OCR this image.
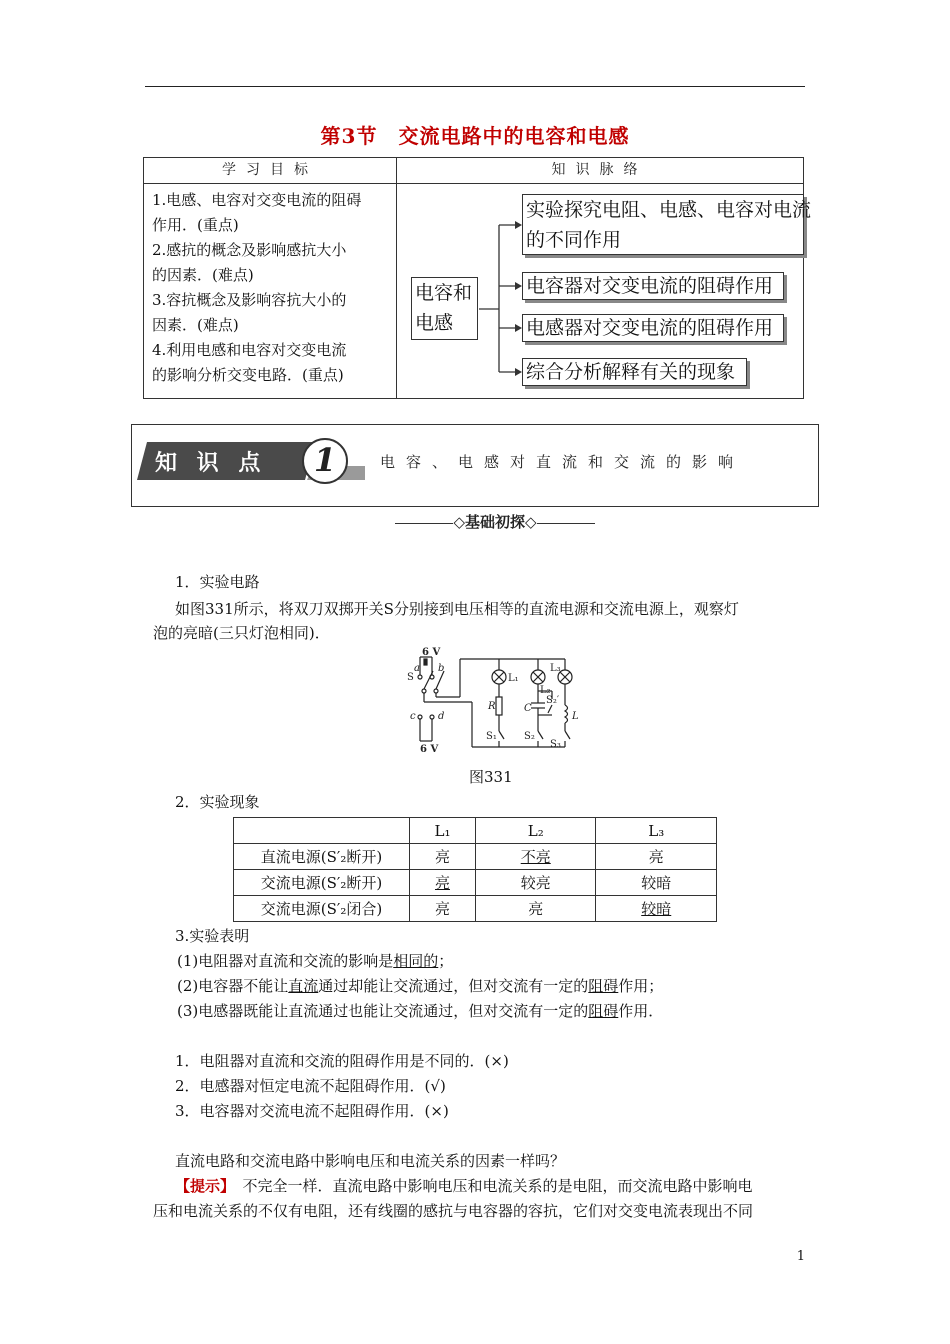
第3节　交流电路中的电容和电感
学习目标	知识脉络
1.电感、电容对交变电流的阻碍
作用．(重点)
2.感抗的概念及影响感抗大小
的因素．(难点)
3.容抗概念及影响容抗大小的
因素．(难点)
4.利用电感和电容对交变电流
的影响分析交变电路．(重点)
电容和
电感
实验探究电阻、电感、电容对电流
的不同作用
电容器对交变电流的阻碍作用
电感器对交变电流的阻碍作用
综合分析解释有关的现象
知 识 点 1	电容、电感对直流和交流的影响
◇基础初探◇
1．实验电路
如图331所示，将双刀双掷开关S分别接到电压相等的直流电源和交流电源上，观察灯
泡的亮暗(三只灯泡相同)．
6 V
S
a b
c d
6 V
R	C
L
L₁
L₂
L₃
S₂′
S₁	S₂
S₃
图331
2．实验现象
	L₁	L₂	L₃
直流电源(S′₂断开)	亮	不亮	亮
交流电源(S′₂断开)	亮	较亮	较暗
交流电源(S′₂闭合)	亮	亮	较暗
3.实验表明
(1)电阻器对直流和交流的影响是相同的；
(2)电容器不能让直流通过却能让交流通过，但对交流有一定的阻碍作用；
(3)电感器既能让直流通过也能让交流通过，但对交流有一定的阻碍作用．
1．电阻器对直流和交流的阻碍作用是不同的．(×)
2．电感器对恒定电流不起阻碍作用．(√)
3．电容器对交流电流不起阻碍作用．(×)
直流电路和交流电路中影响电压和电流关系的因素一样吗？
【提示】　不完全一样．直流电路中影响电压和电流关系的是电阻，而交流电路中影响电
压和电流关系的不仅有电阻，还有线圈的感抗与电容器的容抗，它们对交变电流表现出不同
1
